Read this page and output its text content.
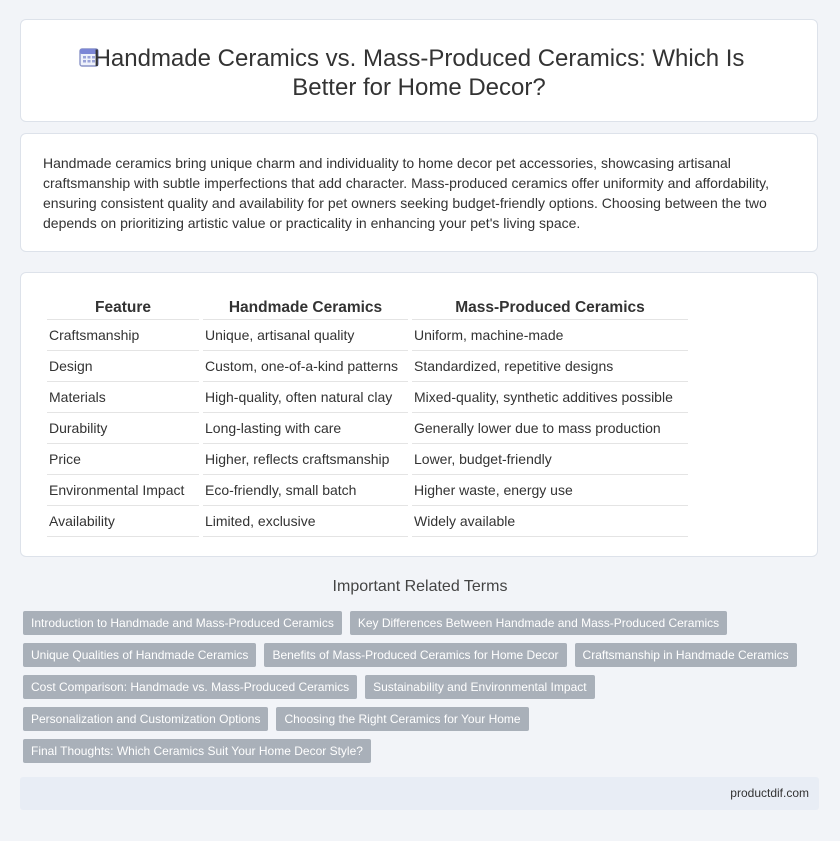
Handmade Ceramics vs. Mass-Produced Ceramics: Which Is
Better for Home Decor?

Handmade ceramics bring unique charm and individuality to home decor pet accessories, showcasing artisanal craftsmanship with subtle imperfections that add character. Mass-produced ceramics offer uniformity and affordability, ensuring consistent quality and availability for pet owners seeking budget-friendly options. Choosing between the two depends on prioritizing artistic value or practicality in enhancing your pet's living space.

Feature	Handmade Ceramics	Mass-Produced Ceramics
Craftsmanship	Unique, artisanal quality	Uniform, machine-made
Design	Custom, one-of-a-kind patterns	Standardized, repetitive designs
Materials	High-quality, often natural clay	Mixed-quality, synthetic additives possible
Durability	Long-lasting with care	Generally lower due to mass production
Price	Higher, reflects craftsmanship	Lower, budget-friendly
Environmental Impact	Eco-friendly, small batch	Higher waste, energy use
Availability	Limited, exclusive	Widely available
Important Related Terms
Introduction to Handmade and Mass-Produced Ceramics	Key Differences Between Handmade and Mass-Produced Ceramics
Unique Qualities of Handmade Ceramics	Benefits of Mass-Produced Ceramics for Home Decor	Craftsmanship in Handmade Ceramics
Cost Comparison: Handmade vs. Mass-Produced Ceramics	Sustainability and Environmental Impact
Personalization and Customization Options	Choosing the Right Ceramics for Your Home
Final Thoughts: Which Ceramics Suit Your Home Decor Style?
productdif.com
